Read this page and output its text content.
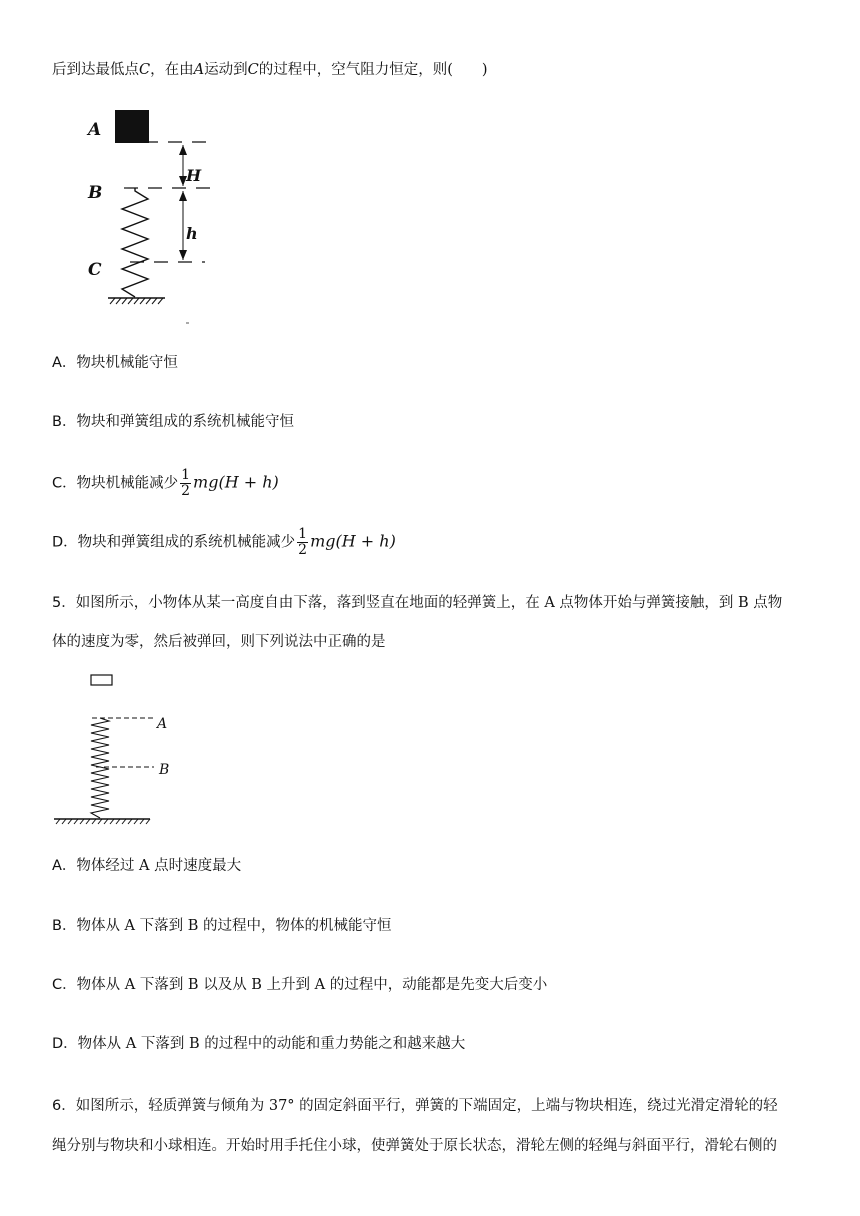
后到达最低点C，在由A运动到C的过程中，空气阻力恒定，则(　　)
A
B
C
H
h
A．物块机械能守恒
B．物块和弹簧组成的系统机械能守恒
C．物块机械能减少 $\frac{1}{2} mg(H + h)$
D．物块和弹簧组成的系统机械能减少 $\frac{1}{2} mg(H + h)$
5．如图所示，小物体从某一高度自由下落，落到竖直在地面的轻弹簧上，在 A 点物体开始与弹簧接触，到 B 点物
体的速度为零，然后被弹回，则下列说法中正确的是
A
B
A．物体经过 A 点时速度最大
B．物体从 A 下落到 B 的过程中，物体的机械能守恒
C．物体从 A 下落到 B 以及从 B 上升到 A 的过程中，动能都是先变大后变小
D．物体从 A 下落到 B 的过程中的动能和重力势能之和越来越大
6．如图所示，轻质弹簧与倾角为 37° 的固定斜面平行，弹簧的下端固定，上端与物块相连，绕过光滑定滑轮的轻
绳分别与物块和小球相连。开始时用手托住小球，使弹簧处于原长状态，滑轮左侧的轻绳与斜面平行，滑轮右侧的
